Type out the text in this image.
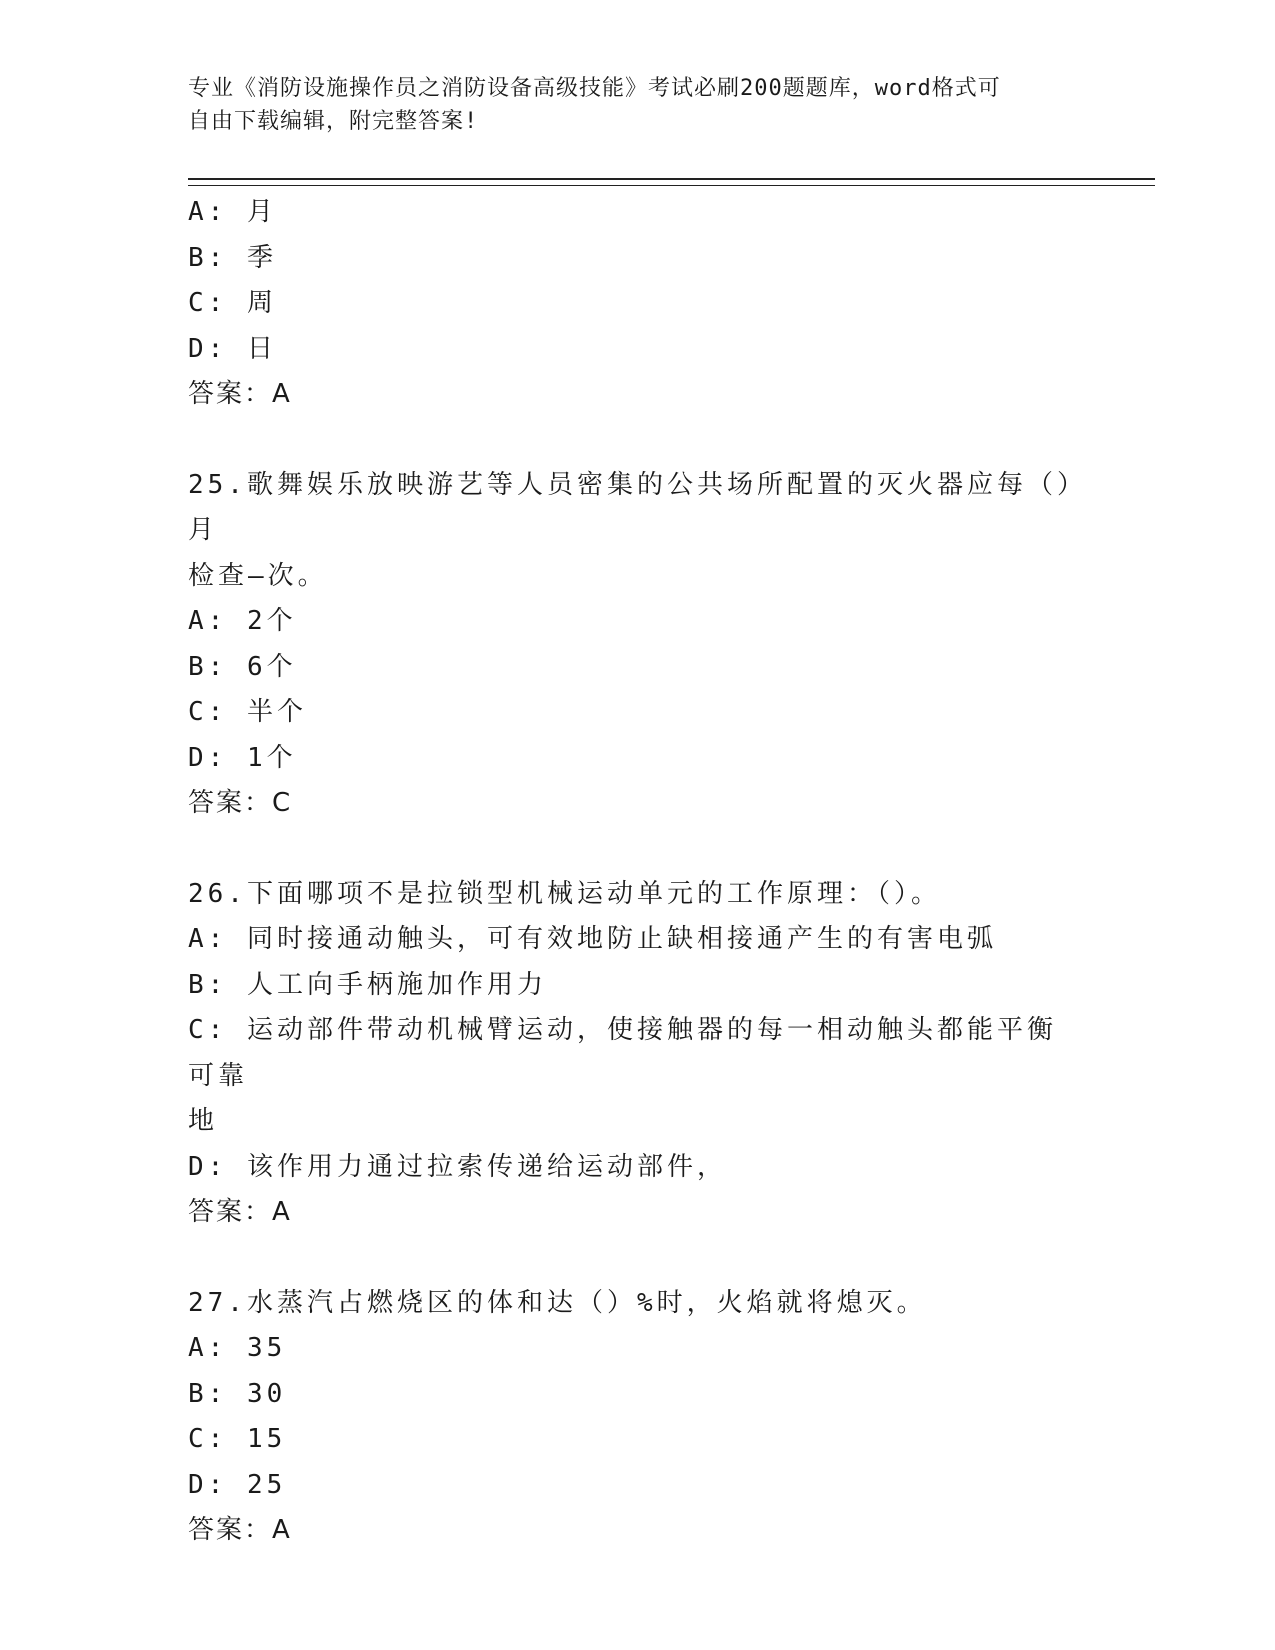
专业《消防设施操作员之消防设备高级技能》考试必刷200题题库，word格式可
自由下载编辑，附完整答案!
A: 月
B: 季
C: 周
D: 日
答案：A
25.歌舞娱乐放映游艺等人员密集的公共场所配置的灭火器应每（）月
检查—次。
A: 2个
B: 6个
C: 半个
D: 1个
答案：C
26.下面哪项不是拉锁型机械运动单元的工作原理：（）。
A: 同时接通动触头，可有效地防止缺相接通产生的有害电弧
B: 人工向手柄施加作用力
C: 运动部件带动机械臂运动，使接触器的每一相动触头都能平衡可靠
地
D: 该作用力通过拉索传递给运动部件，
答案：A
27.水蒸汽占燃烧区的体和达（）%时，火焰就将熄灭。
A: 35
B: 30
C: 15
D: 25
答案：A
